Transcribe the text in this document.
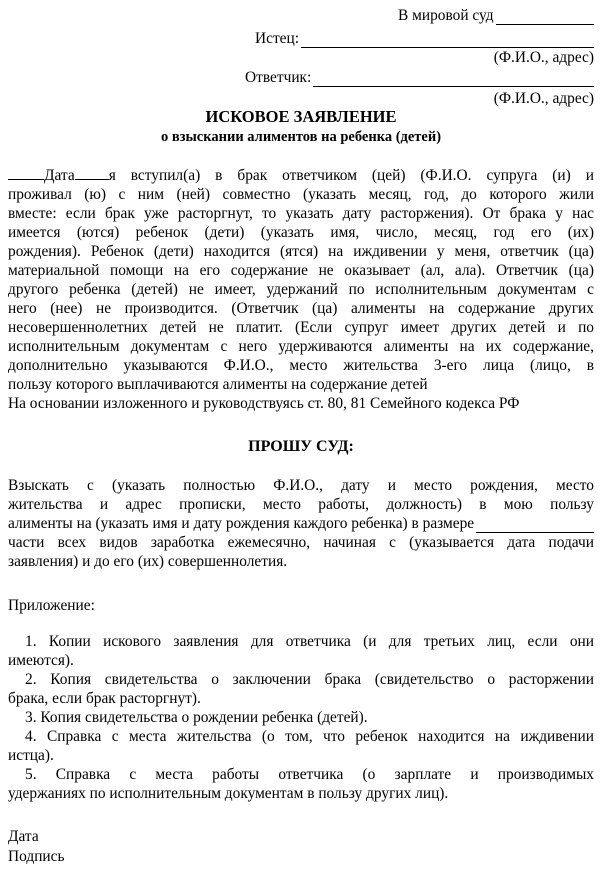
В мировой суд
Истец:
(Ф.И.О., адрес)
Ответчик:
(Ф.И.О., адрес)
ИСКОВОЕ ЗАЯВЛЕНИЕ
о взыскании алиментов на ребенка (детей)
Дата я вступил(а) в брак ответчиком (цей) (Ф.И.О. супруга (и) и
проживал (ю) с ним (ней) совместно (указать месяц, год, до которого жили
вместе: если брак уже расторгнут, то указать дату расторжения). От брака у нас
имеется (ются) ребенок (дети) (указать имя, число, месяц, год его (их)
рождения). Ребенок (дети) находится (ятся) на иждивении у меня, ответчик (ца)
материальной помощи на его содержание не оказывает (ал, ала). Ответчик (ца)
другого ребенка (детей) не имеет, удержаний по исполнительным документам с
него (нее) не производится. (Ответчик (ца) алименты на содержание других
несовершеннолетних детей не платит. (Если супруг имеет других детей и по
исполнительным документам с него удерживаются алименты на их содержание,
дополнительно указываются Ф.И.О., место жительства 3-его лица (лицо, в
пользу которого выплачиваются алименты на содержание детей
На основании изложенного и руководствуясь ст. 80, 81 Семейного кодекса РФ
ПРОШУ СУД:
Взыскать с (указать полностью Ф.И.О., дату и место рождения, место
жительства и адрес прописки, место работы, должность) в мою пользу
алименты на (указать имя и дату рождения каждого ребенка) в размере
части всех видов заработка ежемесячно, начиная с (указывается дата подачи
заявления) и до его (их) совершеннолетия.
Приложение:
1. Копии искового заявления для ответчика (и для третьих лиц, если они
имеются).
2. Копия свидетельства о заключении брака (свидетельство о расторжении
брака, если брак расторгнут).
3. Копия свидетельства о рождении ребенка (детей).
4. Справка с места жительства (о том, что ребенок находится на иждивении
истца).
5. Справка с места работы ответчика (о зарплате и производимых
удержаниях по исполнительным документам в пользу других лиц).
Дата
Подпись
